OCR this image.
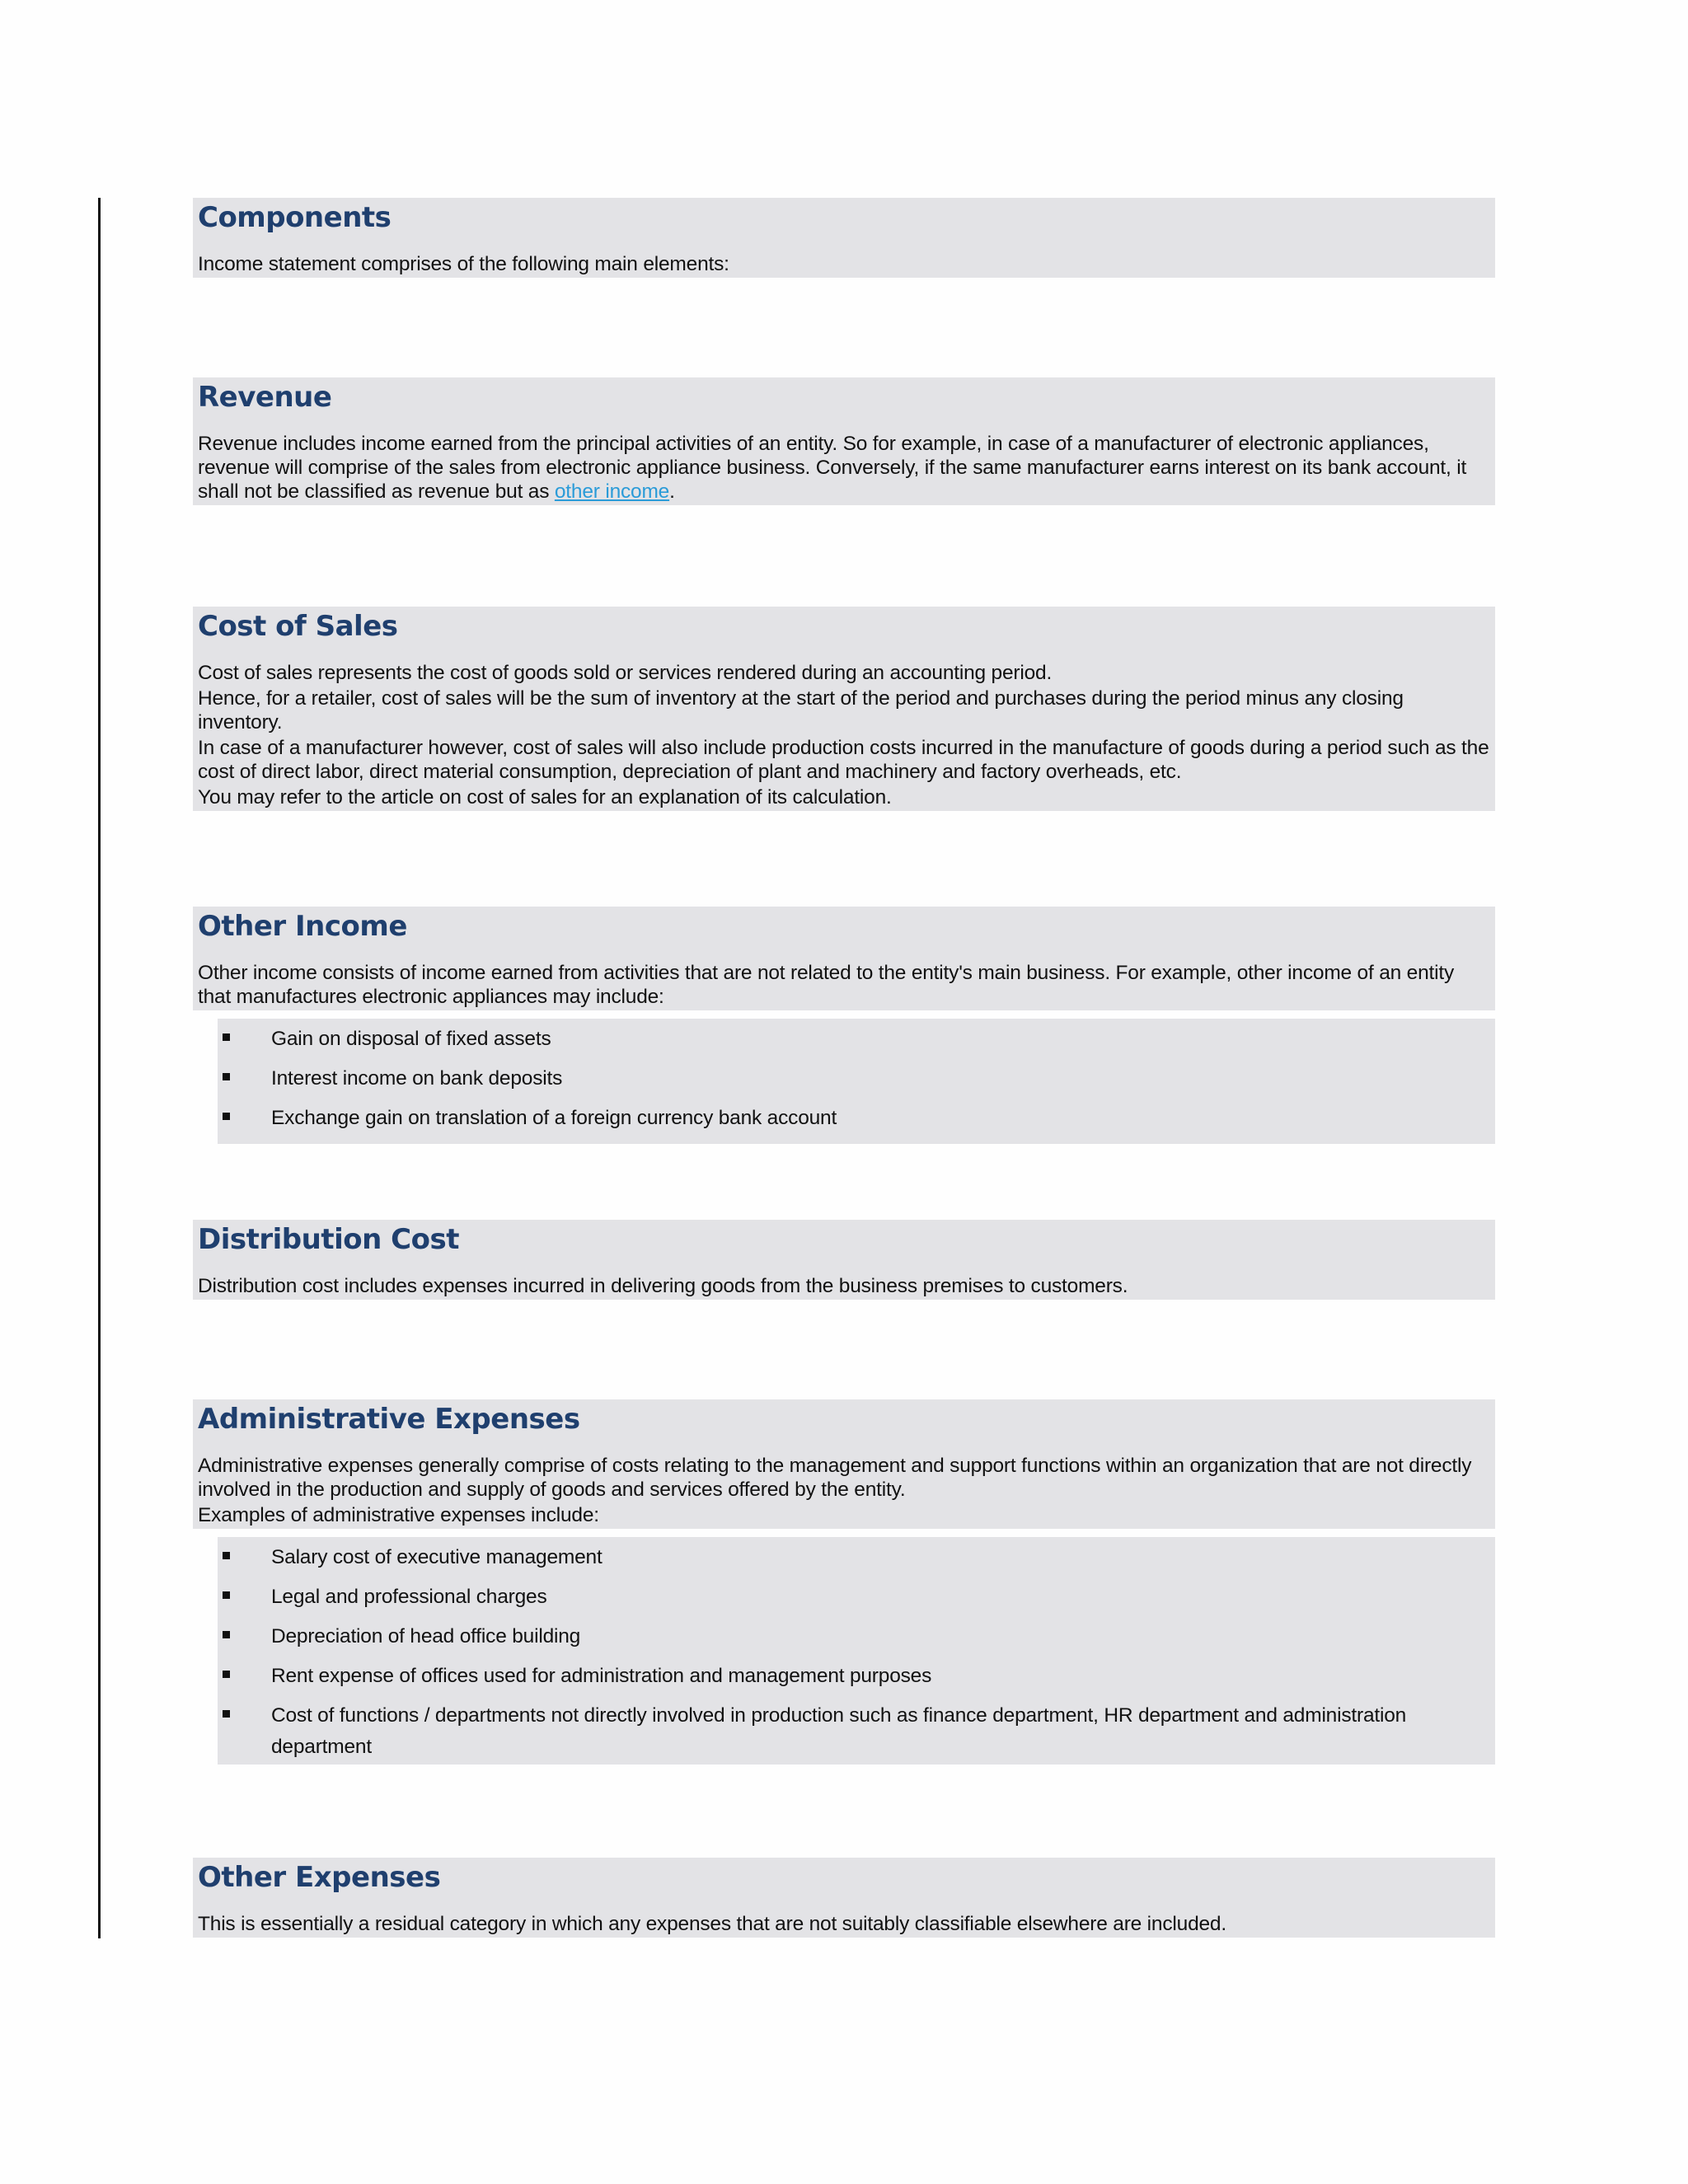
Components

Income statement comprises of the following main elements:

Revenue

Revenue includes income earned from the principal activities of an entity. So for example, in case of a manufacturer of electronic appliances, revenue will comprise of the sales from electronic appliance business. Conversely, if the same manufacturer earns interest on its bank account, it shall not be classified as revenue but as other income.

Cost of Sales

Cost of sales represents the cost of goods sold or services rendered during an accounting period.

Hence, for a retailer, cost of sales will be the sum of inventory at the start of the period and purchases during the period minus any closing inventory.

In case of a manufacturer however, cost of sales will also include production costs incurred in the manufacture of goods during a period such as the cost of direct labor, direct material consumption, depreciation of plant and machinery and factory overheads, etc.

You may refer to the article on cost of sales for an explanation of its calculation.

Other Income

Other income consists of income earned from activities that are not related to the entity's main business. For example, other income of an entity that manufactures electronic appliances may include:

Gain on disposal of fixed assets
Interest income on bank deposits
Exchange gain on translation of a foreign currency bank account
Distribution Cost

Distribution cost includes expenses incurred in delivering goods from the business premises to customers.

Administrative Expenses

Administrative expenses generally comprise of costs relating to the management and support functions within an organization that are not directly involved in the production and supply of goods and services offered by the entity.

Examples of administrative expenses include:

Salary cost of executive management
Legal and professional charges
Depreciation of head office building
Rent expense of offices used for administration and management purposes
Cost of functions / departments not directly involved in production such as finance department, HR department and administration department
Other Expenses

This is essentially a residual category in which any expenses that are not suitably classifiable elsewhere are included.
